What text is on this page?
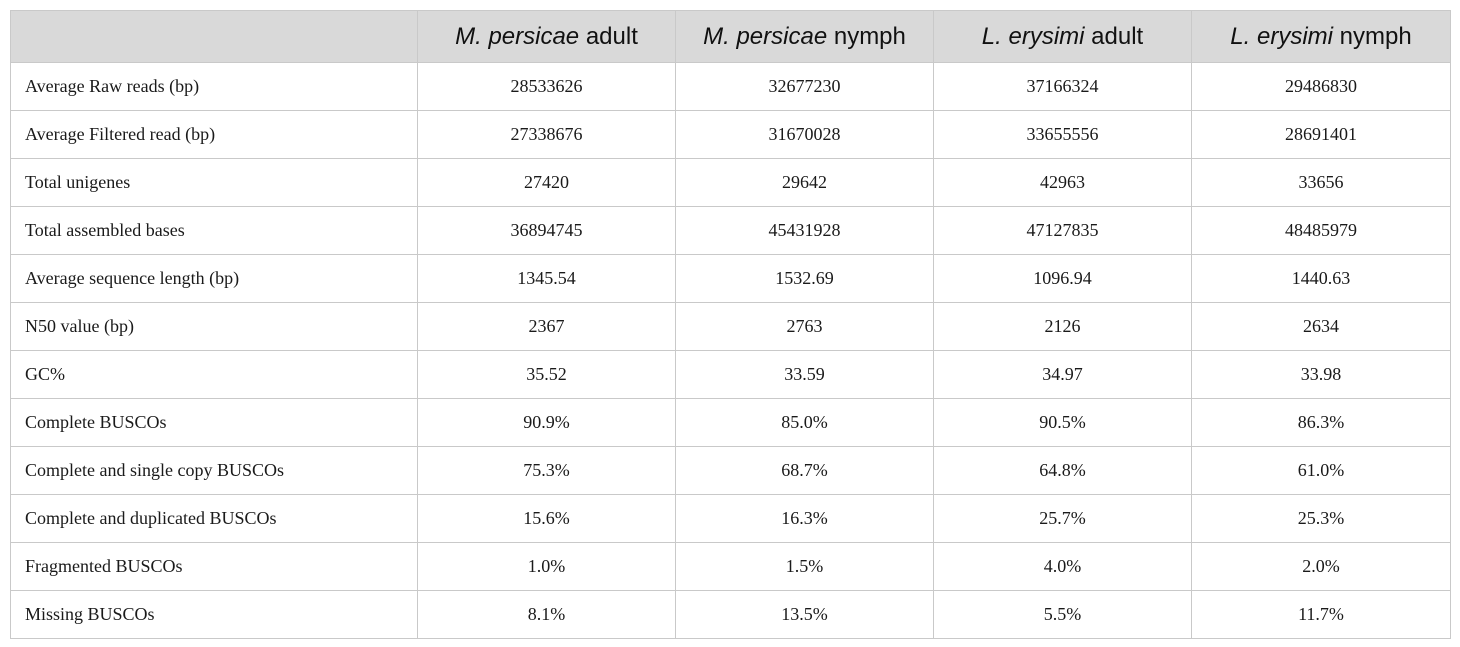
	M. persicae adult	M. persicae nymph	L. erysimi adult	L. erysimi nymph
Average Raw reads (bp)	28533626	32677230	37166324	29486830
Average Filtered read (bp)	27338676	31670028	33655556	28691401
Total unigenes	27420	29642	42963	33656
Total assembled bases	36894745	45431928	47127835	48485979
Average sequence length (bp)	1345.54	1532.69	1096.94	1440.63
N50 value (bp)	2367	2763	2126	2634
GC%	35.52	33.59	34.97	33.98
Complete BUSCOs	90.9%	85.0%	90.5%	86.3%
Complete and single copy BUSCOs	75.3%	68.7%	64.8%	61.0%
Complete and duplicated BUSCOs	15.6%	16.3%	25.7%	25.3%
Fragmented BUSCOs	1.0%	1.5%	4.0%	2.0%
Missing BUSCOs	8.1%	13.5%	5.5%	11.7%
